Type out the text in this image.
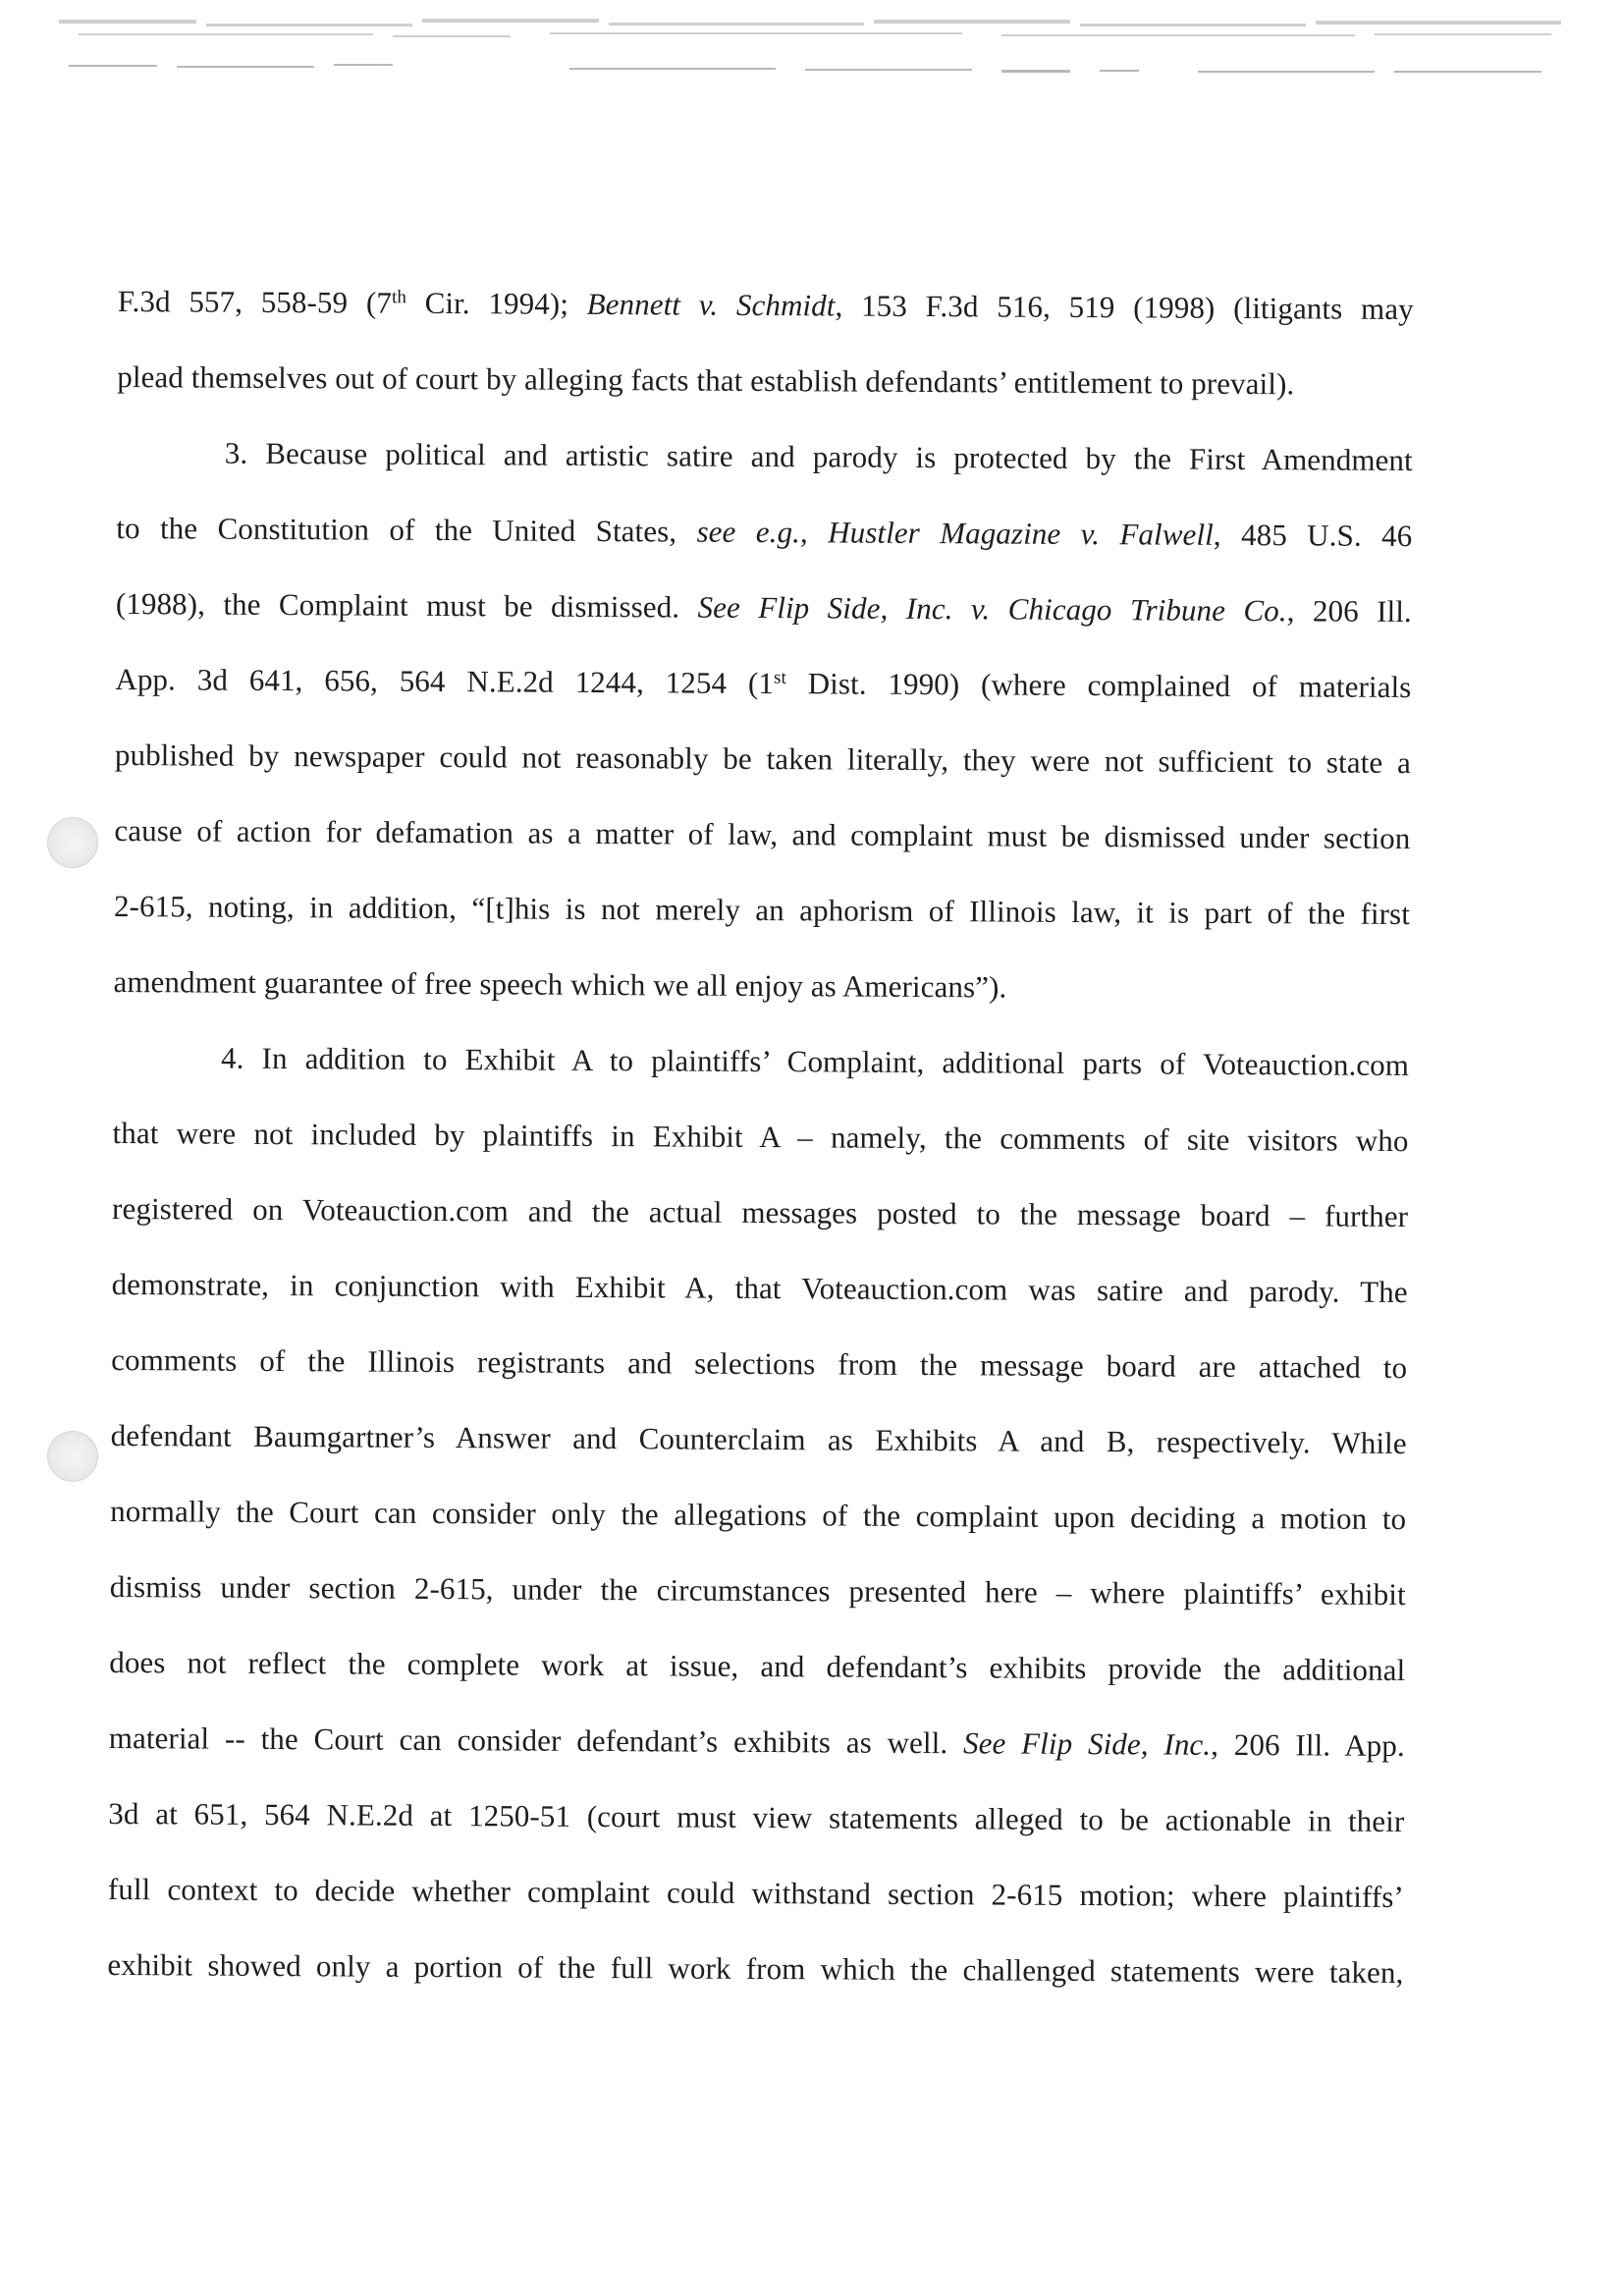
F.3d 557, 558-59 (7th Cir. 1994); Bennett v. Schmidt, 153 F.3d 516, 519 (1998) (litigants may
plead themselves out of court by alleging facts that establish defendants’ entitlement to prevail).
3. Because political and artistic satire and parody is protected by the First Amendment
to the Constitution of the United States, see e.g., Hustler Magazine v. Falwell, 485 U.S. 46
(1988), the Complaint must be dismissed. See Flip Side, Inc. v. Chicago Tribune Co., 206 Ill.
App. 3d 641, 656, 564 N.E.2d 1244, 1254 (1st Dist. 1990) (where complained of materials
published by newspaper could not reasonably be taken literally, they were not sufficient to state a
cause of action for defamation as a matter of law, and complaint must be dismissed under section
2-615, noting, in addition, “[t]his is not merely an aphorism of Illinois law, it is part of the first
amendment guarantee of free speech which we all enjoy as Americans”).
4. In addition to Exhibit A to plaintiffs’ Complaint, additional parts of Voteauction.com
that were not included by plaintiffs in Exhibit A – namely, the comments of site visitors who
registered on Voteauction.com and the actual messages posted to the message board – further
demonstrate, in conjunction with Exhibit A, that Voteauction.com was satire and parody. The
comments of the Illinois registrants and selections from the message board are attached to
defendant Baumgartner’s Answer and Counterclaim as Exhibits A and B, respectively. While
normally the Court can consider only the allegations of the complaint upon deciding a motion to
dismiss under section 2-615, under the circumstances presented here – where plaintiffs’ exhibit
does not reflect the complete work at issue, and defendant’s exhibits provide the additional
material -- the Court can consider defendant’s exhibits as well. See Flip Side, Inc., 206 Ill. App.
3d at 651, 564 N.E.2d at 1250-51 (court must view statements alleged to be actionable in their
full context to decide whether complaint could withstand section 2-615 motion; where plaintiffs’
exhibit showed only a portion of the full work from which the challenged statements were taken,
